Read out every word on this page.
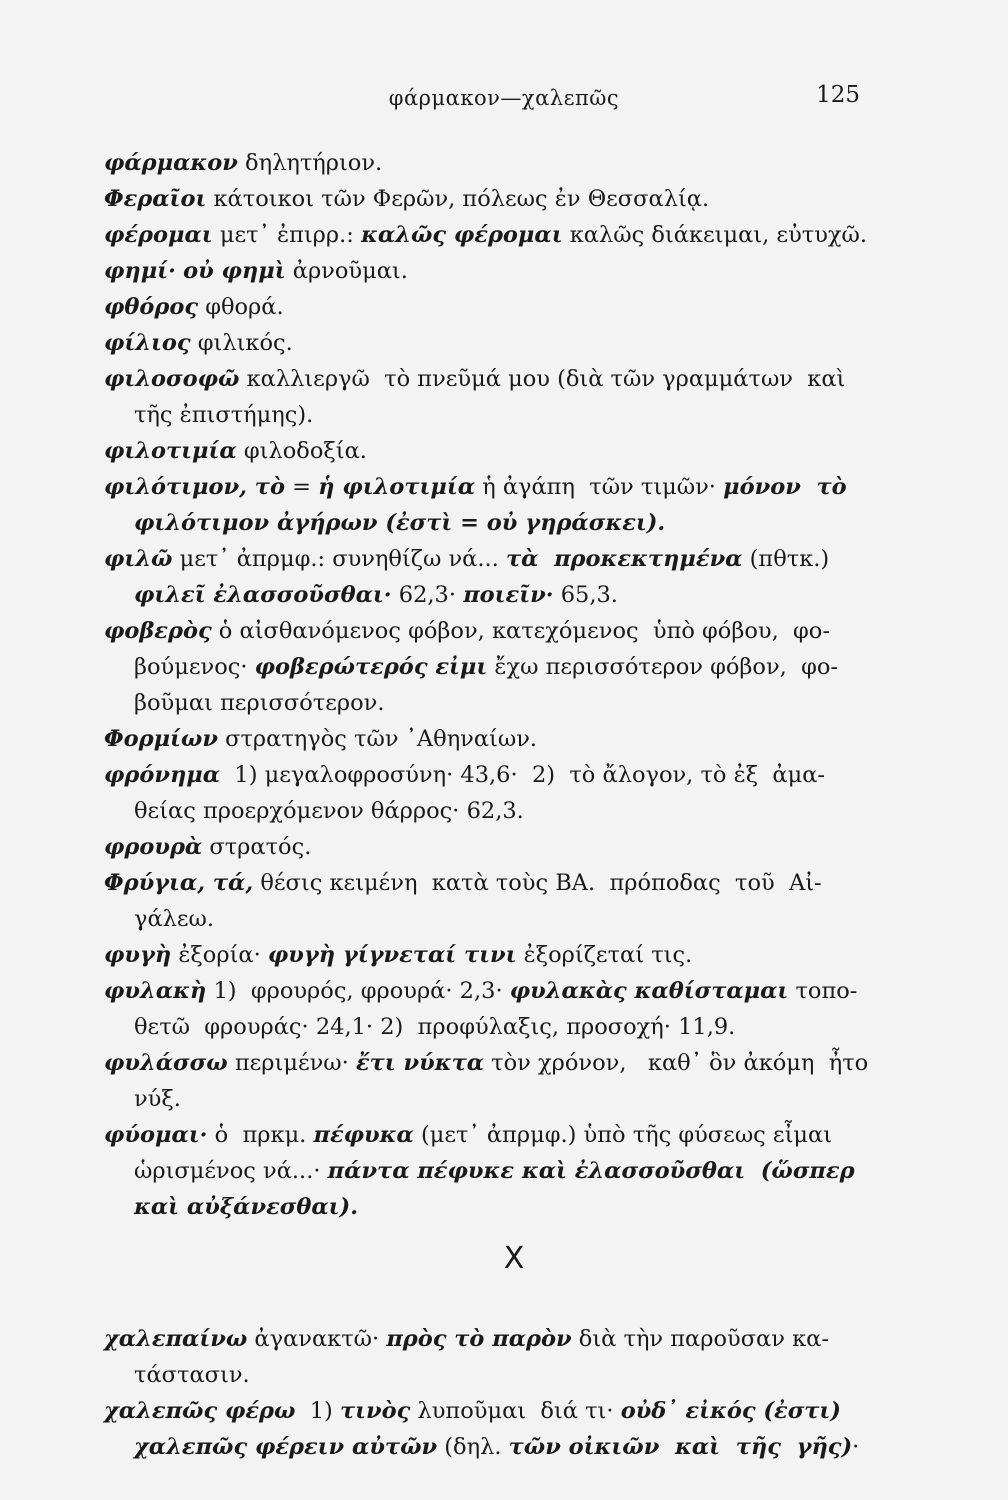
φάρμακον—χαλεπῶς	125
φάρμακον δηλητήριον.
Φεραῖοι κάτοικοι τῶν Φερῶν, πόλεως ἐν Θεσσαλίᾳ.
φέρομαι μετ᾿ ἐπιρρ.: καλῶς φέρομαι καλῶς διάκειμαι, εὐτυχῶ.
φημί· οὐ φημὶ ἀρνοῦμαι.
φθόρος φθορά.
φίλιος φιλικός.
φιλοσοφῶ καλλιεργῶ  τὸ πνεῦμά μου (διὰ τῶν γραμμάτων  καὶ
τῆς ἐπιστήμης).
φιλοτιμία φιλοδοξία.
φιλότιμον, τὸ = ἡ φιλοτιμία ἡ ἀγάπη  τῶν τιμῶν· μόνον  τὸ
φιλότιμον ἀγήρων (ἐστὶ = οὐ γηράσκει).
φιλῶ μετ᾿ ἀπρμφ.: συνηθίζω νά... τὰ  προκεκτημένα (πθτκ.)
φιλεῖ ἐλασσοῦσθαι· 62,3· ποιεῖν· 65,3.
φοβερὸς ὁ αἰσθανόμενος φόβον, κατεχόμενος  ὑπὸ φόβου,  φο-
βούμενος· φοβερώτερός εἰμι ἔχω περισσότερον φόβον,  φο-
βοῦμαι περισσότερον.
Φορμίων στρατηγὸς τῶν ᾿Αθηναίων.
φρόνημα  1) μεγαλοφροσύνη· 43,6·  2)  τὸ ἄλογον, τὸ ἐξ  ἀμα-
θείας προερχόμενον θάρρος· 62,3.
φρουρὰ στρατός.
Φρύγια, τά, θέσις κειμένη  κατὰ τοὺς ΒΑ.  πρόποδας  τοῦ  Αἰ-
γάλεω.
φυγὴ ἐξορία· φυγὴ γίγνεταί τινι ἐξορίζεταί τις.
φυλακὴ 1)  φρουρός, φρουρά· 2,3· φυλακὰς καθίσταμαι τοπο-
θετῶ  φρουράς· 24,1· 2)  προφύλαξις, προσοχή· 11,9.
φυλάσσω περιμένω· ἔτι νύκτα τὸν χρόνον,   καθ᾿ ὃν ἀκόμη  ἦτο
νύξ.
φύομαι· ὁ  πρκμ. πέφυκα (μετ᾿ ἀπρμφ.) ὑπὸ τῆς φύσεως εἶμαι
ὡρισμένος νά...· πάντα πέφυκε καὶ ἐλασσοῦσθαι  (ὥσπερ
καὶ αὐξάνεσθαι).
Χ
χαλεπαίνω ἀγανακτῶ· πρὸς τὸ παρὸν διὰ τὴν παροῦσαν κα-
τάστασιν.
χαλεπῶς φέρω  1) τινὸς λυποῦμαι  διά τι· οὐδ᾿ εἰκός (ἐστι)
χαλεπῶς φέρειν αὐτῶν (δηλ. τῶν οἰκιῶν  καὶ  τῆς  γῆς)·
